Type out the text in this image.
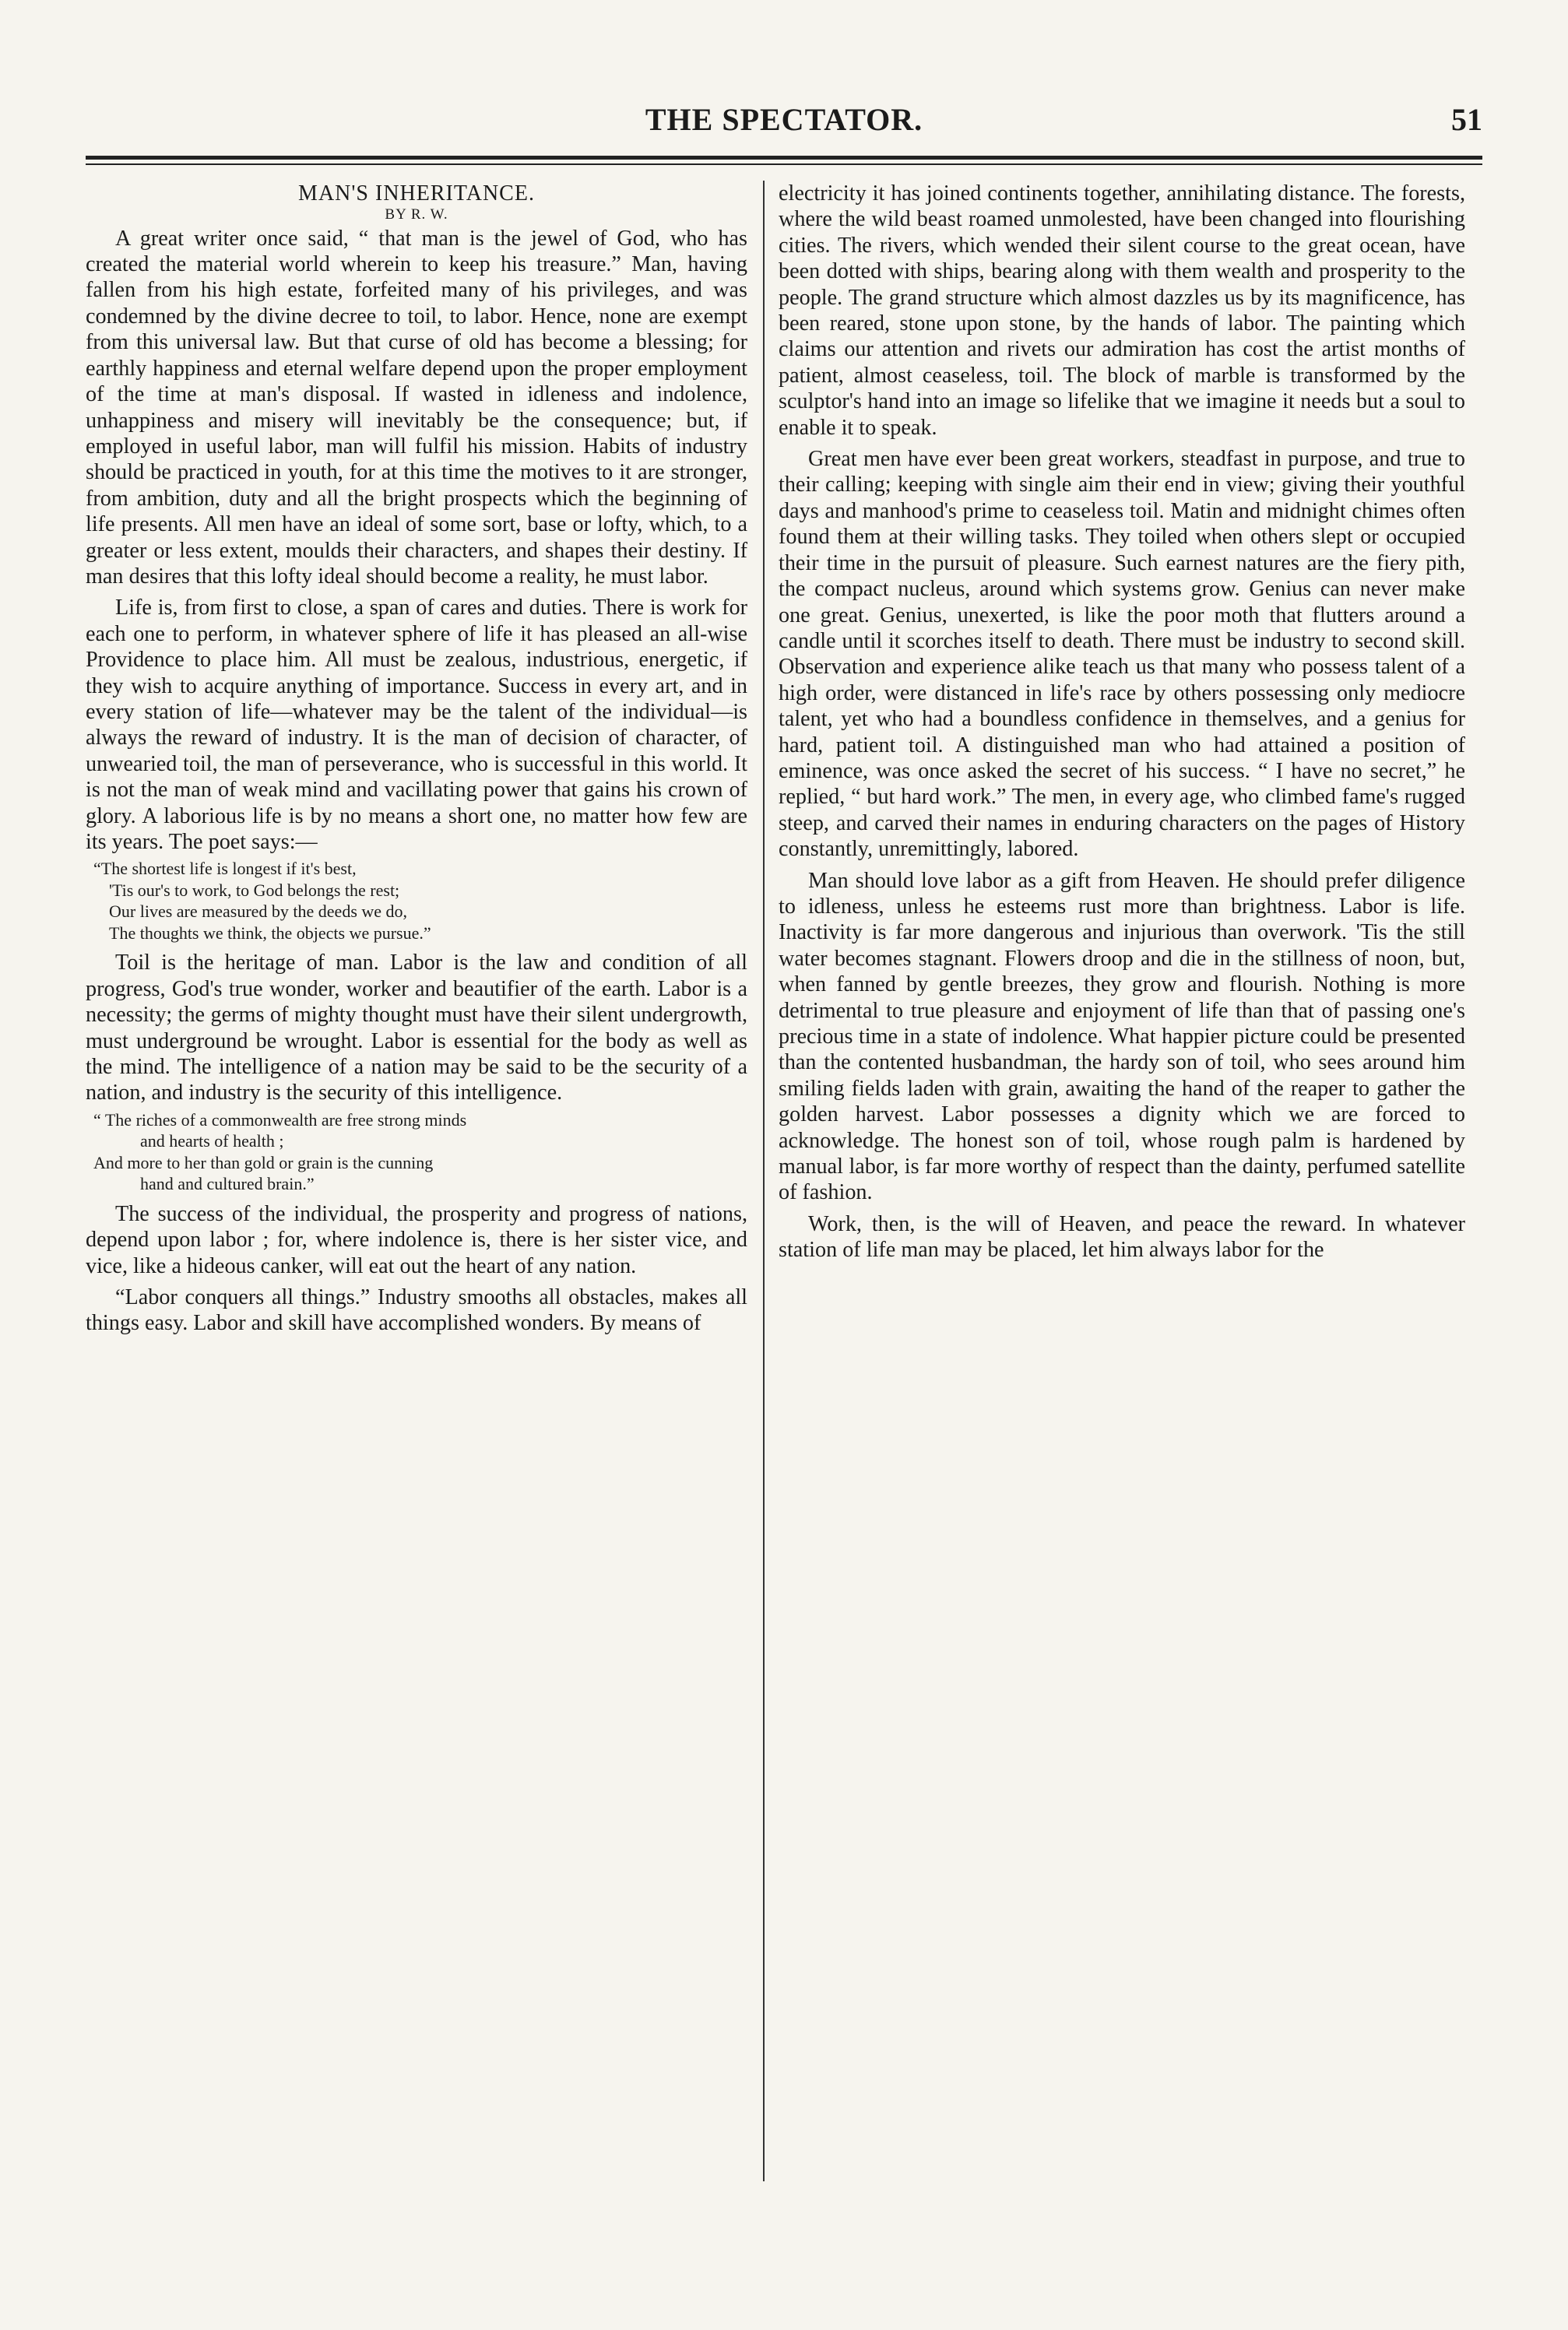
THE SPECTATOR.	51
MAN'S INHERITANCE.
BY R. W.

A great writer once said, “ that man is the jewel of God, who has created the material world wherein to keep his treasure.” Man, having fallen from his high estate, forfeited many of his privileges, and was condemned by the divine decree to toil, to labor. Hence, none are exempt from this universal law. But that curse of old has become a blessing; for earthly happiness and eternal welfare depend upon the proper employment of the time at man's disposal. If wasted in idleness and indolence, unhappiness and misery will inevitably be the consequence; but, if employed in useful labor, man will fulfil his mission. Habits of industry should be practiced in youth, for at this time the motives to it are stronger, from ambition, duty and all the bright prospects which the beginning of life presents. All men have an ideal of some sort, base or lofty, which, to a greater or less extent, moulds their characters, and shapes their destiny. If man desires that this lofty ideal should become a reality, he must labor.

Life is, from first to close, a span of cares and duties. There is work for each one to perform, in whatever sphere of life it has pleased an all-wise Providence to place him. All must be zealous, industrious, energetic, if they wish to acquire anything of importance. Success in every art, and in every station of life—whatever may be the talent of the individual—is always the reward of industry. It is the man of decision of character, of unwearied toil, the man of perseverance, who is successful in this world. It is not the man of weak mind and vacillating power that gains his crown of glory. A laborious life is by no means a short one, no matter how few are its years. The poet says:—

“The shortest life is longest if it's best,
'Tis our's to work, to God belongs the rest;
Our lives are measured by the deeds we do,
The thoughts we think, the objects we pursue.”

Toil is the heritage of man. Labor is the law and condition of all progress, God's true wonder, worker and beautifier of the earth. Labor is a necessity; the germs of mighty thought must have their silent undergrowth, must underground be wrought. Labor is essential for the body as well as the mind. The intelligence of a nation may be said to be the security of a nation, and industry is the security of this intelligence.

“ The riches of a commonwealth are free strong minds
and hearts of health ;
And more to her than gold or grain is the cunning
hand and cultured brain.”

The success of the individual, the prosperity and progress of nations, depend upon labor ; for, where indolence is, there is her sister vice, and vice, like a hideous canker, will eat out the heart of any nation.

“Labor conquers all things.” Industry smooths all obstacles, makes all things easy. Labor and skill have accomplished wonders. By means of

electricity it has joined continents together, annihilating distance. The forests, where the wild beast roamed unmolested, have been changed into flourishing cities. The rivers, which wended their silent course to the great ocean, have been dotted with ships, bearing along with them wealth and prosperity to the people. The grand structure which almost dazzles us by its magnificence, has been reared, stone upon stone, by the hands of labor. The painting which claims our attention and rivets our admiration has cost the artist months of patient, almost ceaseless, toil. The block of marble is transformed by the sculptor's hand into an image so lifelike that we imagine it needs but a soul to enable it to speak.

Great men have ever been great workers, steadfast in purpose, and true to their calling; keeping with single aim their end in view; giving their youthful days and manhood's prime to ceaseless toil. Matin and midnight chimes often found them at their willing tasks. They toiled when others slept or occupied their time in the pursuit of pleasure. Such earnest natures are the fiery pith, the compact nucleus, around which systems grow. Genius can never make one great. Genius, unexerted, is like the poor moth that flutters around a candle until it scorches itself to death. There must be industry to second skill. Observation and experience alike teach us that many who possess talent of a high order, were distanced in life's race by others possessing only mediocre talent, yet who had a boundless confidence in themselves, and a genius for hard, patient toil. A distinguished man who had attained a position of eminence, was once asked the secret of his success. “ I have no secret,” he replied, “ but hard work.” The men, in every age, who climbed fame's rugged steep, and carved their names in enduring characters on the pages of History constantly, unremittingly, labored.

Man should love labor as a gift from Heaven. He should prefer diligence to idleness, unless he esteems rust more than brightness. Labor is life. Inactivity is far more dangerous and injurious than overwork. 'Tis the still water becomes stagnant. Flowers droop and die in the stillness of noon, but, when fanned by gentle breezes, they grow and flourish. Nothing is more detrimental to true pleasure and enjoyment of life than that of passing one's precious time in a state of indolence. What happier picture could be presented than the contented husbandman, the hardy son of toil, who sees around him smiling fields laden with grain, awaiting the hand of the reaper to gather the golden harvest. Labor possesses a dignity which we are forced to acknowledge. The honest son of toil, whose rough palm is hardened by manual labor, is far more worthy of respect than the dainty, perfumed satellite of fashion.

Work, then, is the will of Heaven, and peace the reward. In whatever station of life man may be placed, let him always labor for the
